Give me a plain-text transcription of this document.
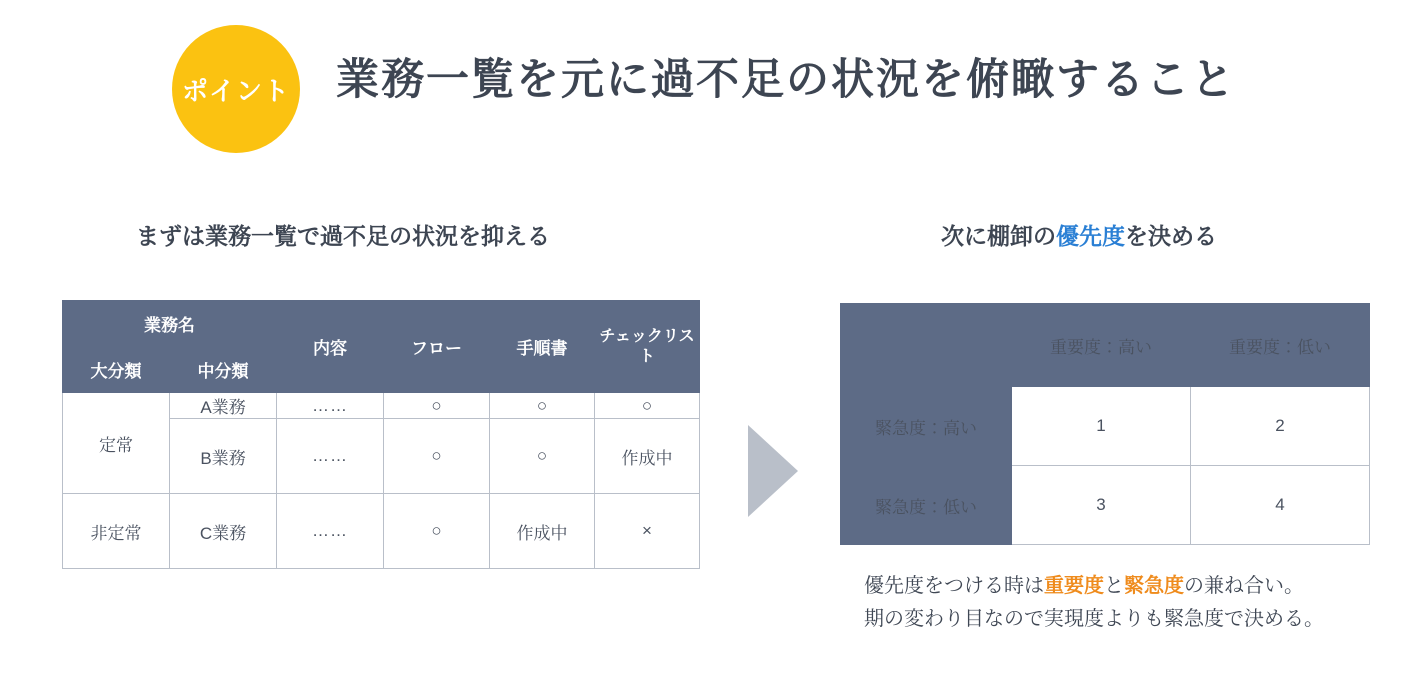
ポイント 業務一覧を元に過不足の状況を俯瞰すること
まずは業務一覧で過不足の状況を抑える
業務名		内容	フロー	手順書	チェックリスト
大分類	中分類				
定常	A業務	……	○	○	○
	B業務	……	○	○	作成中
非定常	C業務	……	○	作成中	×
次に棚卸の優先度を決める
	重要度：高い	重要度：低い
緊急度：高い	1	2
緊急度：低い	3	4
優先度をつける時は重要度と緊急度の兼ね合い。
期の変わり目なので実現度よりも緊急度で決める。
